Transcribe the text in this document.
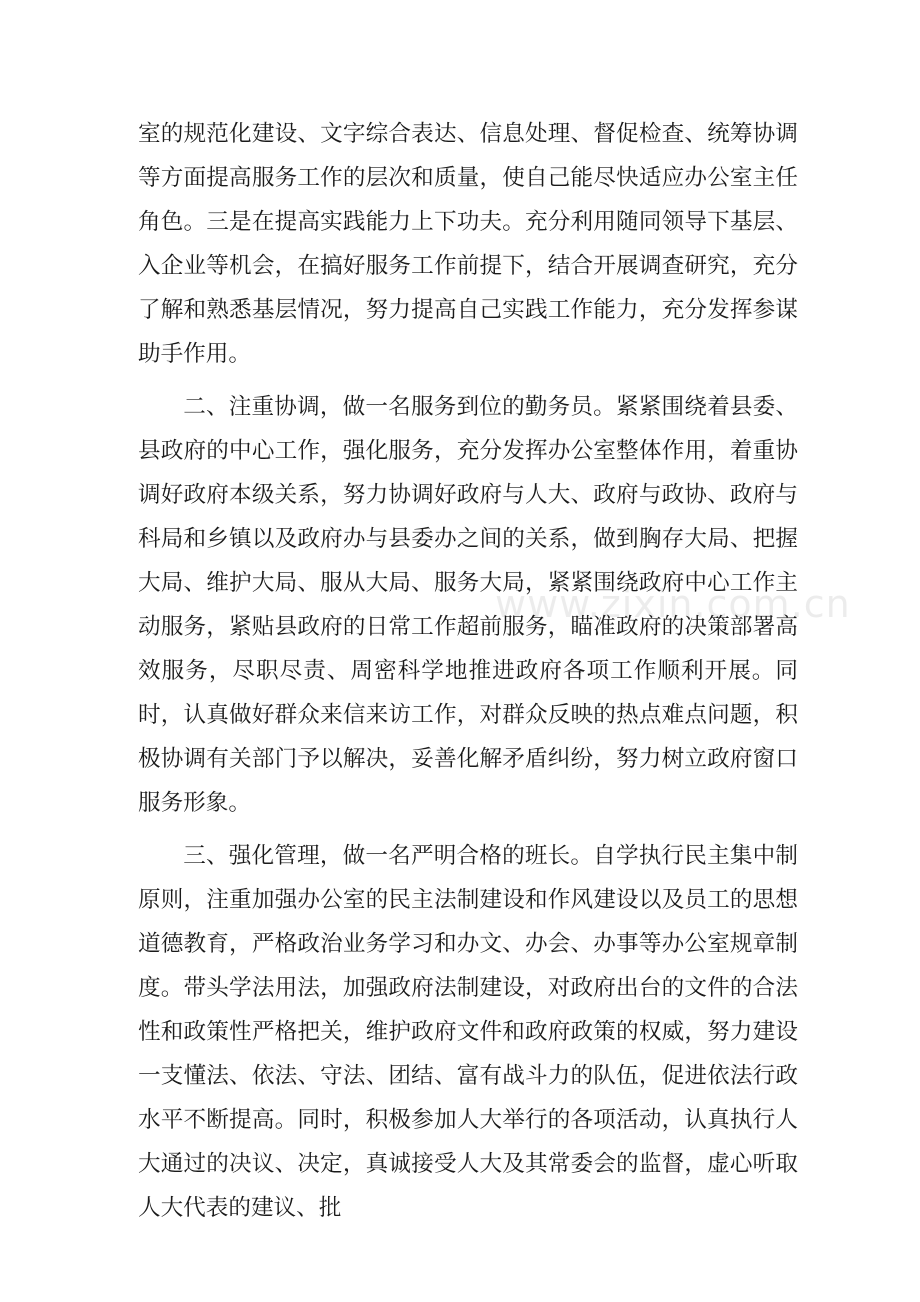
室的规范化建设、文字综合表达、信息处理、督促检查、统筹协调等方面提高服务工作的层次和质量，使自己能尽快适应办公室主任角色。三是在提高实践能力上下功夫。充分利用随同领导下基层、入企业等机会，在搞好服务工作前提下，结合开展调查研究，充分了解和熟悉基层情况，努力提高自己实践工作能力，充分发挥参谋助手作用。

二、注重协调，做一名服务到位的勤务员。紧紧围绕着县委、县政府的中心工作，强化服务，充分发挥办公室整体作用，着重协调好政府本级关系，努力协调好政府与人大、政府与政协、政府与科局和乡镇以及政府办与县委办之间的关系，做到胸存大局、把握大局、维护大局、服从大局、服务大局，紧紧围绕政府中心工作主动服务，紧贴县政府的日常工作超前服务，瞄准政府的决策部署高效服务，尽职尽责、周密科学地推进政府各项工作顺利开展。同时，认真做好群众来信来访工作，对群众反映的热点难点问题，积极协调有关部门予以解决，妥善化解矛盾纠纷，努力树立政府窗口服务形象。

三、强化管理，做一名严明合格的班长。自学执行民主集中制原则，注重加强办公室的民主法制建设和作风建设以及员工的思想道德教育，严格政治业务学习和办文、办会、办事等办公室规章制度。带头学法用法，加强政府法制建设，对政府出台的文件的合法性和政策性严格把关，维护政府文件和政府政策的权威，努力建设一支懂法、依法、守法、团结、富有战斗力的队伍，促进依法行政水平不断提高。同时，积极参加人大举行的各项活动，认真执行人大通过的决议、决定，真诚接受人大及其常委会的监督，虚心听取人大代表的建议、批

www.zixin.com.cn
